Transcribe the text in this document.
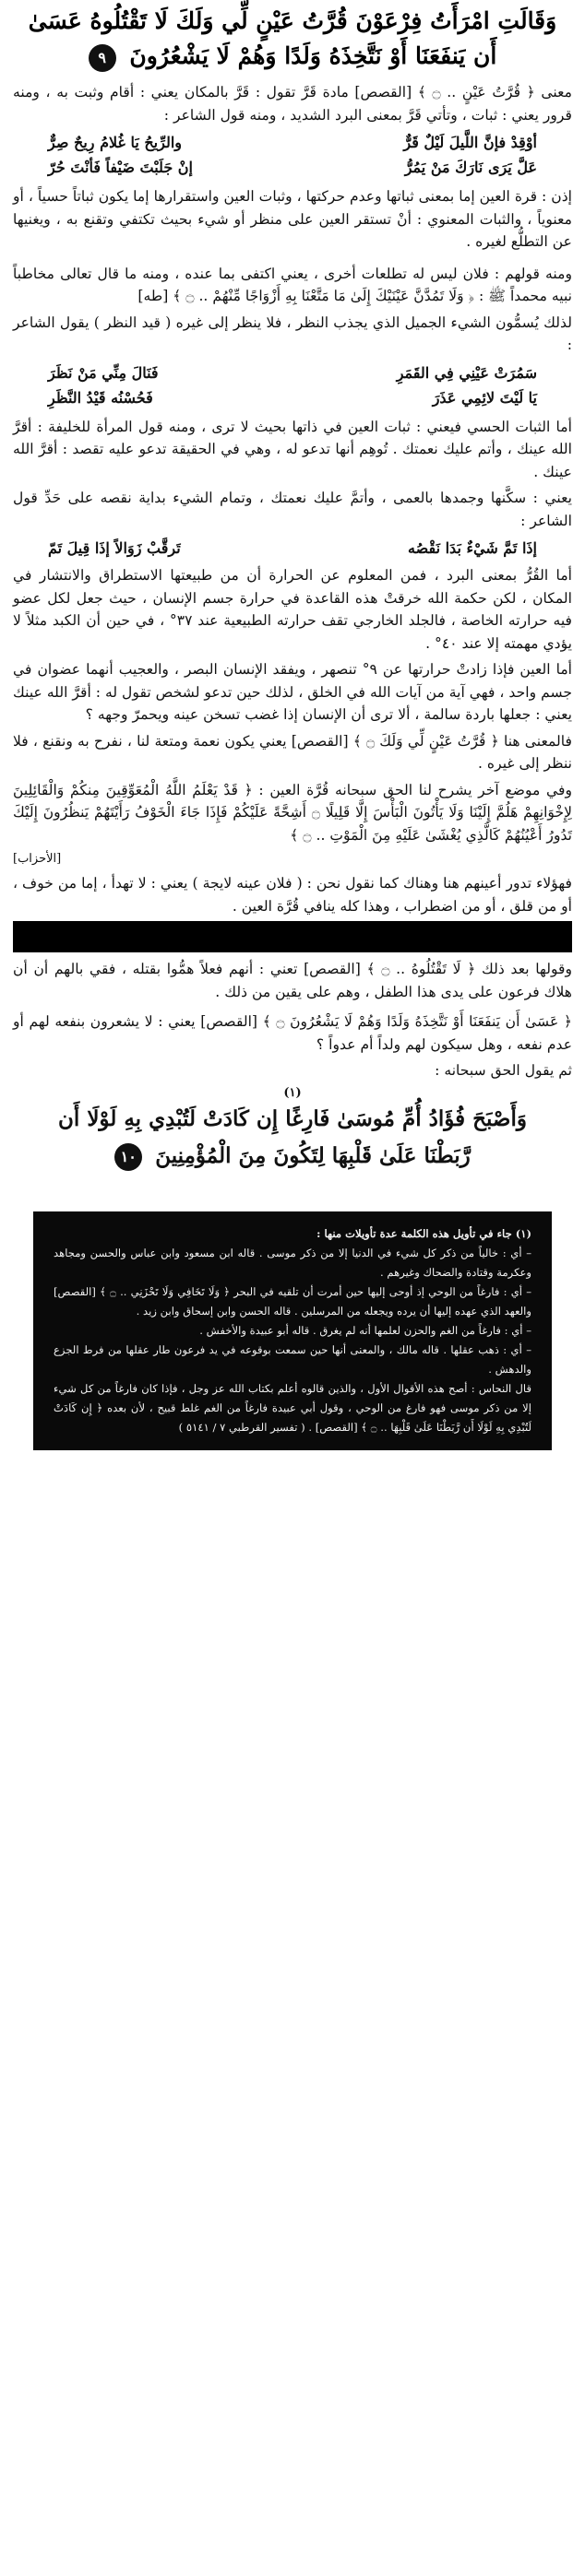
وَقَالَتِ امْرَأَتُ فِرْعَوْنَ قُرَّتُ عَيْنٍ لِّي وَلَكَ لَا تَقْتُلُوهُ عَسَىٰ أَن يَنفَعَنَا أَوْ نَتَّخِذَهُ وَلَدًا وَهُمْ لَا يَشْعُرُونَ ٩

معنى ﴿ قُرَّتُ عَيْنٍ .. ۝ ﴾ [القصص] مادة قَرَّ تقول : قَرَّ بالمكان يعني : أقام وثبت به ، ومنه قرور يعني : ثبات ، وتأتي قَرَّ بمعنى البرد الشديد ، ومنه قول الشاعر :

أوْقِدْ فإنَّ اللَّيلَ لَيْلٌ قَرٌّ
والرِّيحُ يَا غُلامُ رِيحٌ صِرٌّ
عَلَّ يَرَى نَارَكَ مَنْ يَمُرُّ
إنْ جَلَبْتَ ضَيْفاً فَأنْتَ حُرّ

إذن : قرة العين إما بمعنى ثباتها وعدم حركتها ، وثبات العين واستقرارها إما يكون ثباتاً حسياً ، أو معنوياً ، والثبات المعنوي : أنْ تستقر العين على منظر أو شيء بحيث تكتفي وتقنع به ، ويغنيها عن التطلُّع لغيره .

ومنه قولهم : فلان ليس له تطلعات أخرى ، يعني اكتفى بما عنده ، ومنه ما قال تعالى مخاطباً نبيه محمداً ﷺ : ﴿ وَلَا تَمُدَّنَّ عَيْنَيْكَ إِلَىٰ مَا مَتَّعْنَا بِهِ أَزْوَاجًا مِّنْهُمْ .. ۝ ﴾ [طه]

لذلك يُسمُّون الشيء الجميل الذي يجذب النظر ، فلا ينظر إلى غيره ( قيد النظر ) يقول الشاعر :

سَمُرَتْ عَيْنِي فِي القَمَرِ
فَنَالَ مِنِّي مَنْ نَظَرَ
يَا لَيْتَ لائِمِي عَذَرَ
فَحُسْنُه قَيْدُ النَّظَرِ

أما الثبات الحسي فيعني : ثبات العين في ذاتها بحيث لا ترى ، ومنه قول المرأة للخليفة : أقرَّ الله عينك ، وأتم عليك نعمتك . تُوهِم أنها تدعو له ، وهي في الحقيقة تدعو عليه تقصد : أقرَّ الله عينك .

يعني : سكَّنها وجمدها بالعمى ، وأتمَّ عليك نعمتك ، وتمام الشيء بداية نقصه على حَدِّ قول الشاعر :

إذَا تَمَّ شَيْءٌ بَدَا نَقْصُه
تَرقَّبْ زَوَالاً إذَا قِيلَ تَمّ

أما القُرُّ بمعنى البرد ، فمن المعلوم عن الحرارة أن من طبيعتها الاستطراق والانتشار في المكان ، لكن حكمة الله خرقتْ هذه القاعدة في حرارة جسم الإنسان ، حيث جعل لكل عضو فيه حرارته الخاصة ، فالجلد الخارجي تقف حرارته الطبيعية عند ٣٧° ، في حين أن الكبد مثلاً لا يؤدي مهمته إلا عند ٤٠° .

أما العين فإذا زادتْ حرارتها عن ٩° تنصهر ، ويفقد الإنسان البصر ، والعجيب أنهما عضوان في جسم واحد ، فهي آية من آيات الله في الخلق ، لذلك حين تدعو لشخص تقول له : أقرَّ الله عينك يعني : جعلها باردة سالمة ، ألا ترى أن الإنسان إذا غضب تسخن عينه ويحمرّ وجهه ؟

فالمعنى هنا ﴿ قُرَّتُ عَيْنٍ لِّي وَلَكَ ۝ ﴾ [القصص] يعني يكون نعمة ومتعة لنا ، نفرح به ونقنع ، فلا ننظر إلى غيره .

وفي موضع آخر يشرح لنا الحق سبحانه قُرَّة العين : ﴿ قَدْ يَعْلَمُ اللَّهُ الْمُعَوِّقِينَ مِنكُمْ وَالْقَائِلِينَ لِإِخْوَانِهِمْ هَلُمَّ إِلَيْنَا وَلَا يَأْتُونَ الْبَأْسَ إِلَّا قَلِيلًا ۝ أَشِحَّةً عَلَيْكُمْ فَإِذَا جَاءَ الْخَوْفُ رَأَيْتَهُمْ يَنظُرُونَ إِلَيْكَ تَدُورُ أَعْيُنُهُمْ كَالَّذِي يُغْشَىٰ عَلَيْهِ مِنَ الْمَوْتِ .. ۝ ﴾

[الأحزاب]

فهؤلاء تدور أعينهم هنا وهناك كما نقول نحن : ( فلان عينه لايجة ) يعني : لا تهدأ ، إما من خوف ، أو من قلق ، أو من اضطراب ، وهذا كله ينافي قُرَّة العين .

وقولها بعد ذلك ﴿ لَا تَقْتُلُوهُ .. ۝ ﴾ [القصص] تعني : أنهم فعلاً همُّوا بقتله ، فقي بالهم أن أن هلاك فرعون على يدى هذا الطفل ، وهم على يقين من ذلك .

﴿ عَسَىٰ أَن يَنفَعَنَا أَوْ نَتَّخِذَهُ وَلَدًا وَهُمْ لَا يَشْعُرُونَ ۝ ﴾ [القصص] يعني : لا يشعرون بنفعه لهم أو عدم نفعه ، وهل سيكون لهم ولداً أم عدواً ؟

ثم يقول الحق سبحانه :

(١)
وَأَصْبَحَ فُؤَادُ أُمِّ مُوسَىٰ فَارِغًا إِن كَادَتْ لَتُبْدِي بِهِ لَوْلَا أَن رَّبَطْنَا عَلَىٰ قَلْبِهَا لِتَكُونَ مِنَ الْمُؤْمِنِينَ ١٠

(١) جاء في تأويل هذه الكلمة عدة تأويلات منها :

– أي : خالياً من ذكر كل شيء في الدنيا إلا من ذكر موسى . قاله ابن مسعود وابن عباس والحسن ومجاهد وعكرمة وقتادة والضحاك وغيرهم .

– أي : فارغاً من الوحي إذ أوحى إليها حين أمرت أن تلقيه في البحر ﴿ وَلَا تَخَافِي وَلَا تَحْزَنِي .. ۝ ﴾ [القصص] والعهد الذي عهده إليها أن يرده ويجعله من المرسلين . قاله الحسن وابن إسحاق وابن زيد .

– أي : فارغاً من الغم والحزن لعلمها أنه لم يغرق . قاله أبو عبيدة والأخفش .

– أي : ذهب عقلها . قاله مالك ، والمعنى أنها حين سمعت بوقوعه في يد فرعون طار عقلها من فرط الجزع والدهش .

قال النحاس : أصح هذه الأقوال الأول ، والذين قالوه أعلم بكتاب الله عز وجل ، فإذا كان فارغاً من كل شيء إلا من ذكر موسى فهو فارغ من الوحي ، وقول أبي عبيدة فارغاً من الغم غلط قبيح ، لأن بعده ﴿ إِن كَادَتْ لَتُبْدِي بِهِ لَوْلَا أَن رَّبَطْنَا عَلَىٰ قَلْبِهَا .. ۝ ﴾ [القصص] . ( تفسير القرطبي ٧ / ٥١٤١ )
